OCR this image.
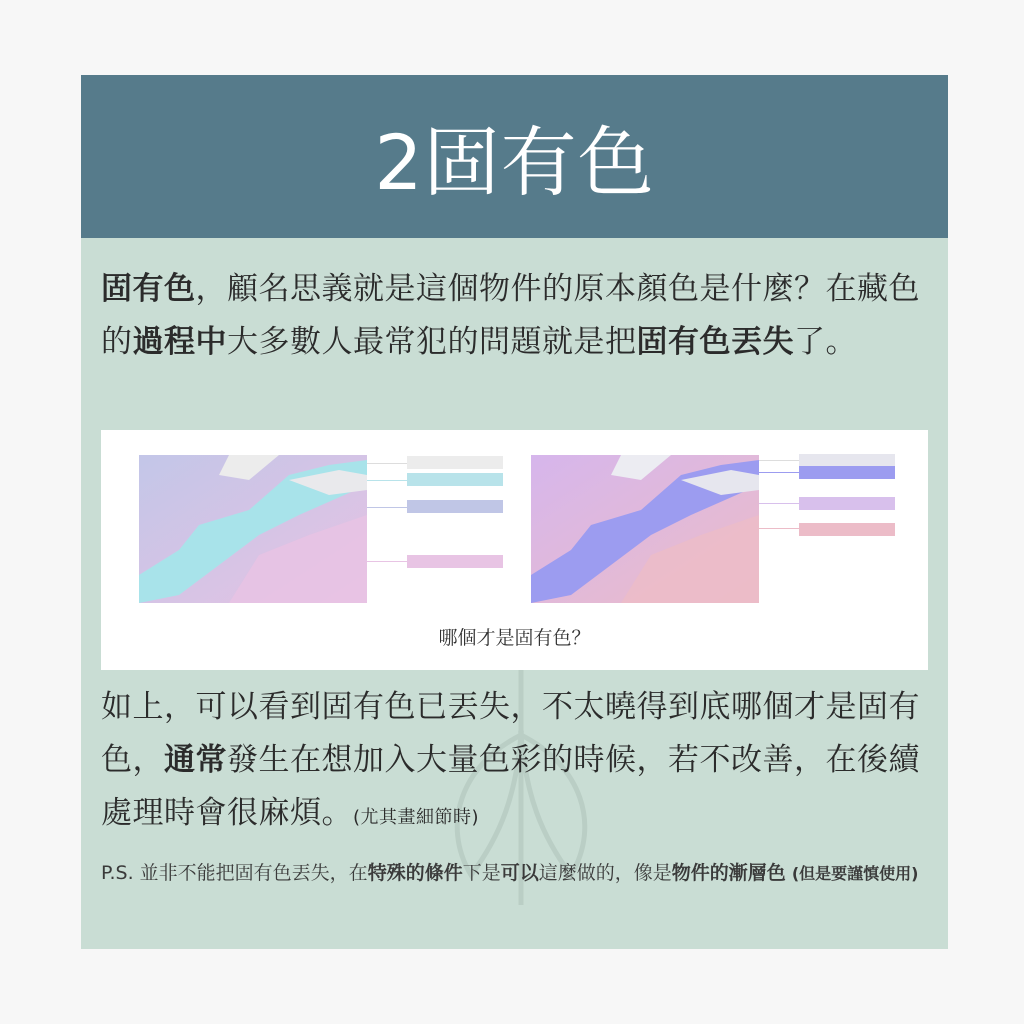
2固有色
固有色，顧名思義就是這個物件的原本顏色是什麼？在藏色的過程中大多數人最常犯的問題就是把固有色丟失了。
哪個才是固有色？
如上，可以看到固有色已丟失，不太曉得到底哪個才是固有色，通常發生在想加入大量色彩的時候，若不改善，在後續處理時會很麻煩。(尤其畫細節時)
P.S. 並非不能把固有色丟失，在特殊的條件下是可以這麼做的，像是物件的漸層色 (但是要謹慎使用)
